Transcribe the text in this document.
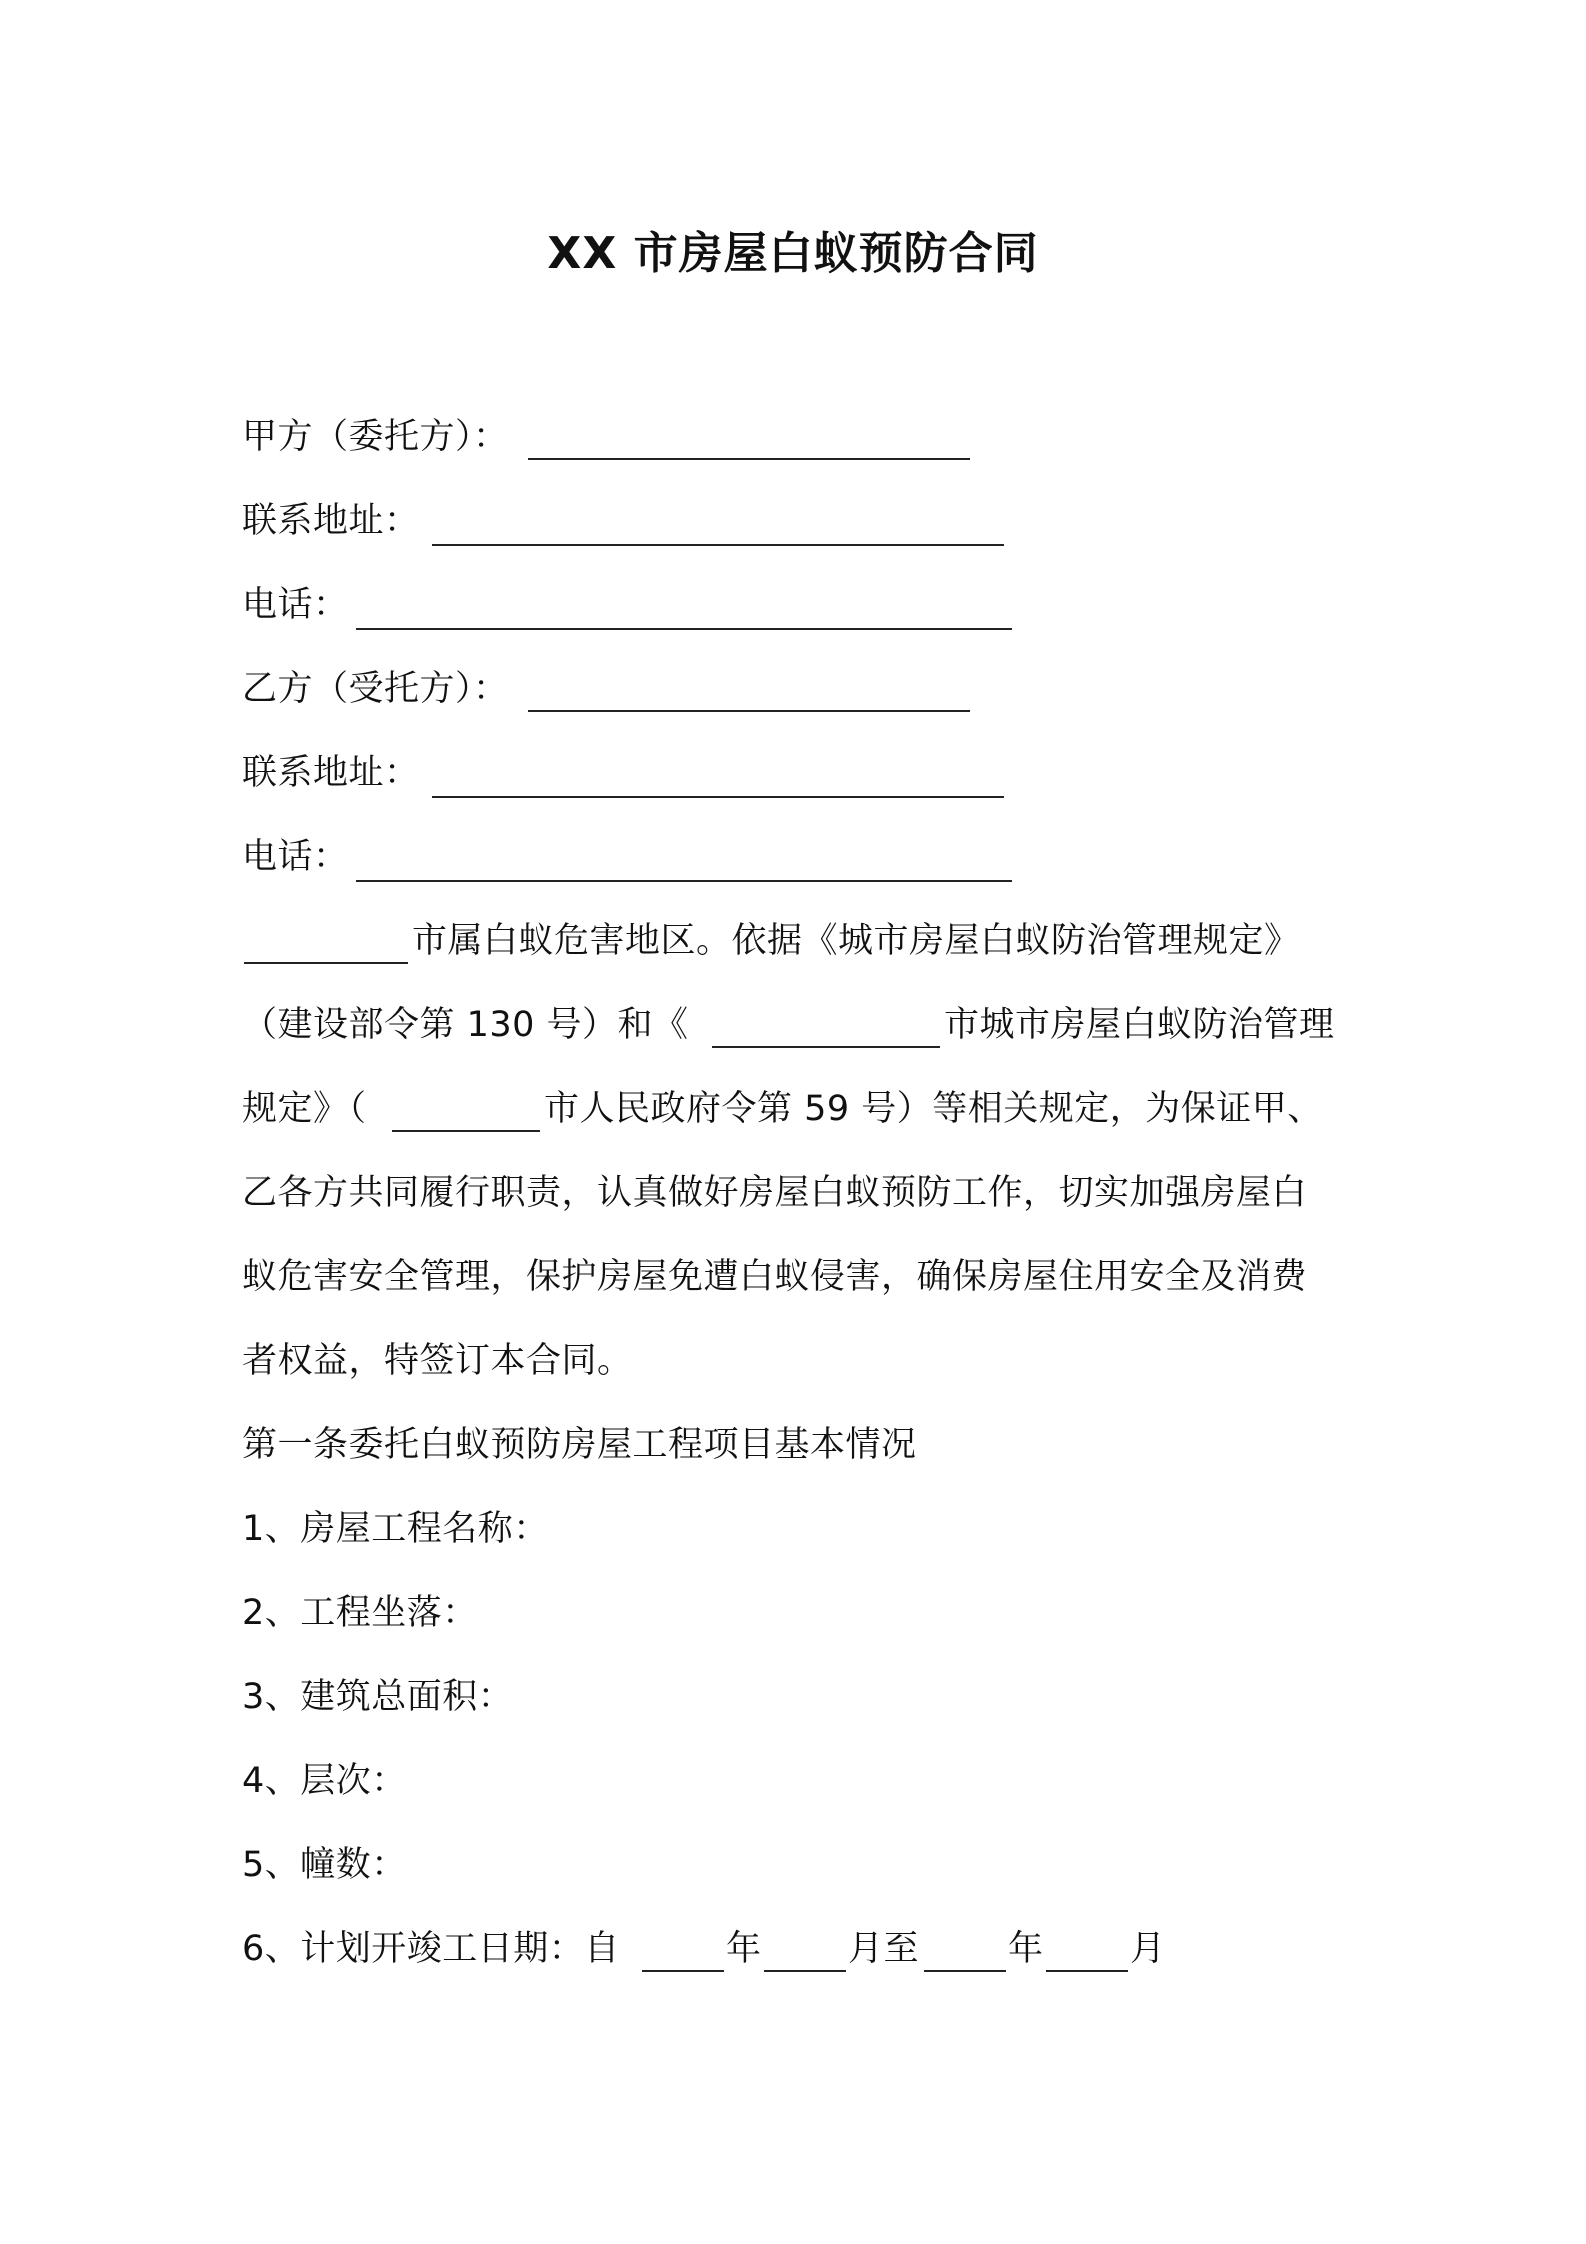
XX 市房屋白蚁预防合同
甲方（委托方）：
联系地址：
电话：
乙方（受托方）：
联系地址：
电话：
市属白蚁危害地区。依据《城市房屋白蚁防治管理规定》
（建设部令第 130 号）和《	市城市房屋白蚁防治管理
规定》（	市人民政府令第 59 号）等相关规定，为保证甲、
乙各方共同履行职责，认真做好房屋白蚁预防工作，切实加强房屋白
蚁危害安全管理，保护房屋免遭白蚁侵害，确保房屋住用安全及消费
者权益，特签订本合同。
第一条委托白蚁预防房屋工程项目基本情况
1、房屋工程名称：
2、工程坐落：
3、建筑总面积：
4、层次：
5、幢数：
6、计划开竣工日期：自	年 月至	年 月
